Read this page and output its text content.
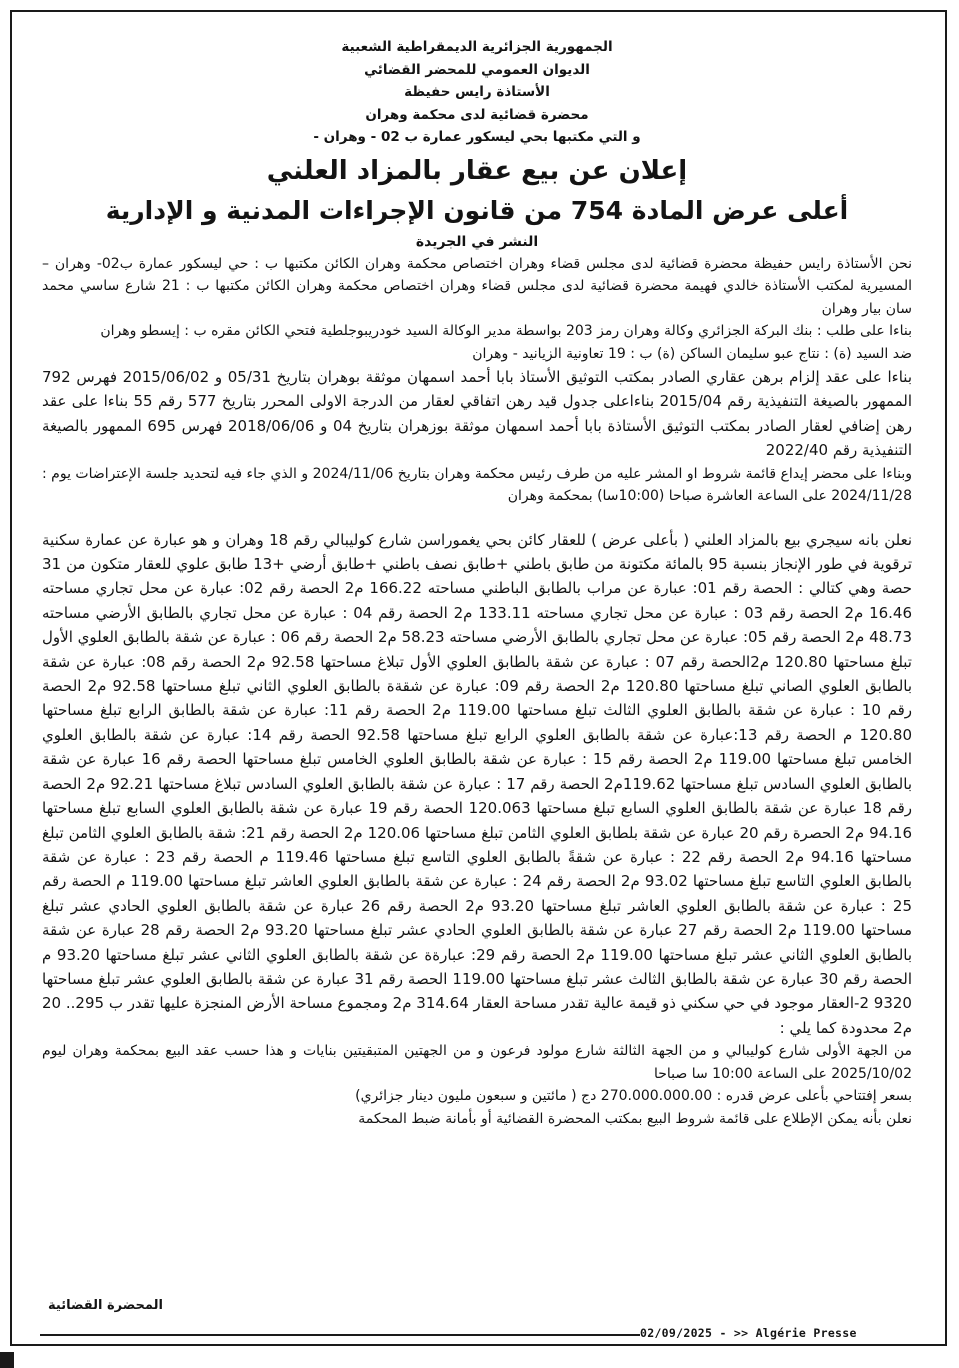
الجمهورية الجزائرية الديمقراطية الشعبية
الديوان العمومي للمحضر القضائي
الأستاذة رايس حفيظة
محضرة قضائية لدى محكمة وهران
و التي مكتبها بحي ليسكور عمارة ب 02 - وهران -
إعلان عن بيع عقار بالمزاد العلني
أعلى عرض المادة 754 من قانون الإجراءات المدنية و الإدارية
النشر في الجريدة
نحن الأستاذة رايس حفيظة محضرة قضائية لدى مجلس قضاء وهران اختصاص محكمة وهران الكائن مكتبها ب : حي ليسكور عمارة ب02- وهران –المسيرية لمكتب الأستاذة خالدي فهيمة محضرة قضائية لدى مجلس قضاء وهران اختصاص محكمة وهران الكائن مكتبها ب : 21 شارع ساسي محمد سان بيار وهران
بناءا على طلب : بنك البركة الجزائري وكالة وهران رمز 203 بواسطة مدير الوكالة السيد خودريبوجلطية فتحي الكائن مقره ب : إيسطو وهران
ضد السيد (ة) : نتاج عبو سليمان الساكن (ة) ب : 19 تعاونية الزيانيد - وهران
بناءا على عقد إلزام برهن عقاري الصادر بمكتب التوثيق الأستاذ بابا أحمد اسمهان موثقة بوهران بتاريخ 05/31 و 2015/06/02 فهرس 792 الممهور بالصيغة التنفيذية رقم 2015/04 بناءاعلى جدول قيد رهن اتفاقي لعقار من الدرجة الاولى المحرر بتاريخ 577 رقم 55 بناءا على عقد رهن إضافي لعقار الصادر بمكتب التوثيق الأستاذة بابا أحمد اسمهان موثقة بوزهران بتاريخ 04 و 2018/06/06 فهرس 695 الممهور بالصيغة التنفيذية رقم 2022/40
وبناءا على محضر إيداع قائمة شروط او المشر عليه من طرف رئيس محكمة وهران بتاريخ 2024/11/06 و الذي جاء فيه لتحديد جلسة الإعتراضات يوم : 2024/11/28 على الساعة العاشرة صباحا (10:00سا) بمحكمة وهران
نعلن بانه سيجري بيع بالمزاد العلني ( بأعلى عرض ) للعقار كائن بحي يغموراسن شارع كوليبالي رقم 18 وهران و هو عبارة عن عمارة سكنية ترقوية في طور الإنجاز بنسبة 95 بالمائة مكتونة من طابق باطني +طابق نصف باطني +طابق أرضي +13 طابق علوي للعقار متكون من 31 حصة وهي كتالي : الحصة رقم 01: عبارة عن مراب بالطابق الباطني مساحته 166.22 م2 الحصة رقم 02: عبارة عن محل تجاري مساحته 16.46 م2 الحصة رقم 03 : عبارة عن محل تجاري مساحته 133.11 م2 الحصة رقم 04 : عبارة عن محل تجاري بالطابق الأرضي مساحته 48.73 م2 الحصة رقم 05: عبارة عن محل تجاري بالطابق الأرضي مساحته 58.23 م2 الحصة رقم 06 : عبارة عن شقة بالطابق العلوي الأول تبلغ مساحتها 120.80 م2الحصة رقم 07 : عبارة عن شقة بالطابق العلوي الأول تبلاغ مساحتها 92.58 م2 الحصة رقم 08: عبارة عن شقة بالطابق العلوي الصاني تبلغ مساحتها 120.80 م2 الحصة رقم 09: عبارة عن شقةة بالطابق العلوي الثاني تبلغ مساحتها 92.58 م2 الحصة رقم 10 : عبارة عن شقة بالطابق العلوي الثالث تبلغ مساحتها 119.00 م2 الحصة رقم 11: عبارة عن شقة بالطابق الرابع تبلغ مساحتها 120.80 م الحصة رقم 13:عبارة عن شقة بالطابق العلوي الرابع تبلغ مساحتها 92.58 الحصة رقم 14: عبارة عن شقة بالطابق العلوي الخامس تبلغ مساحتها 119.00 م2 الحصة رقم 15 : عبارة عن شقة بالطابق العلوي الخامس تبلغ مساحتها الحصة رقم 16 عبارة عن شقة بالطابق العلوي السادس تبلغ مساحتها 119.62م2 الحصة رقم 17 : عبارة عن شقة بالطابق العلوي السادس تبلاغ مساحتها 92.21 م2 الحصة رقم 18 عبارة عن شقة بالطابق العلوي السابع تبلغ مساحتها 120.063 الحصة رقم 19 عبارة عن شقة بالطابق العلوي السابع تبلغ مساحتها 94.16 م2 الحصرة رقم 20 عبارة عن شقة بلطابق العلوي الثامن تبلغ مساحتها 120.06 م2 الحصة رقم 21: شقة بالطابق العلوي الثامن تبلغ مساحتها 94.16 م2 الحصة رقم 22 : عبارة عن شقةً بالطابق العلوي التاسع تبلغ مساحتها 119.46 م الحصة رقم 23 : عبارة عن شقة بالطابق العلوي التاسع تبلغ مساحتها 93.02 م2 الحصة رقم 24 : عبارة عن شقة بالطابق العلوي العاشر تبلغ مساحتها 119.00 م الحصة رقم 25 : عبارة عن شقة بالطابق العلوي العاشر تبلغ مساحتها 93.20 م2 الحصة رقم 26 عبارة عن شقة بالطابق العلوي الحادي عشر تبلغ مساحتها 119.00 م2 الحصة رقم 27 عبارة عن شقة بالطابق العلوي الحادي عشر تبلغ مساحتها 93.20 م2 الحصة رقم 28 عبارة عن شقة بالطابق العلوي الثاني عشر تبلغ مساحتها 119.00 م2 الحصة رقم 29: عبارةة عن شقة بالطابق العلوي الثاني عشر تبلغ مساحتها 93.20 م الحصة رقم 30 عبارة عن شقة بالطابق الثالث عشر تبلغ مساحتها 119.00 الحصة رقم 31 عبارة عن شقة بالطابق العلوي عشر تبلغ مساحتها 9320 2-العقار موجود في حي سكني ذو قيمة عالية تقدر مساحة العقار 314.64 م2 ومجموع مساحة الأرض المنجزة عليها تقدر ب 295.. 20 م2 محدودة كما يلي :
من الجهة الأولى شارع كوليبالي و من الجهة الثالثة شارع مولود فرعون و من الجهتين المتبقيتين بنايات و هذا حسب عقد البيع بمحكمة وهران ليوم 2025/10/02 على الساعة 10:00 سا صباحا
بسعر إفتتاحي بأعلى عرض قدره : 270.000.000.00 دج ( مائتين و سبعون مليون دينار جزائري)
نعلن بأنه يمكن الإطلاع على قائمة شروط البيع بمكتب المحضرة القضائية أو بأمانة ضبط المحكمة
المحضرة القضائية
02/09/2025 - >> Algérie Presse
